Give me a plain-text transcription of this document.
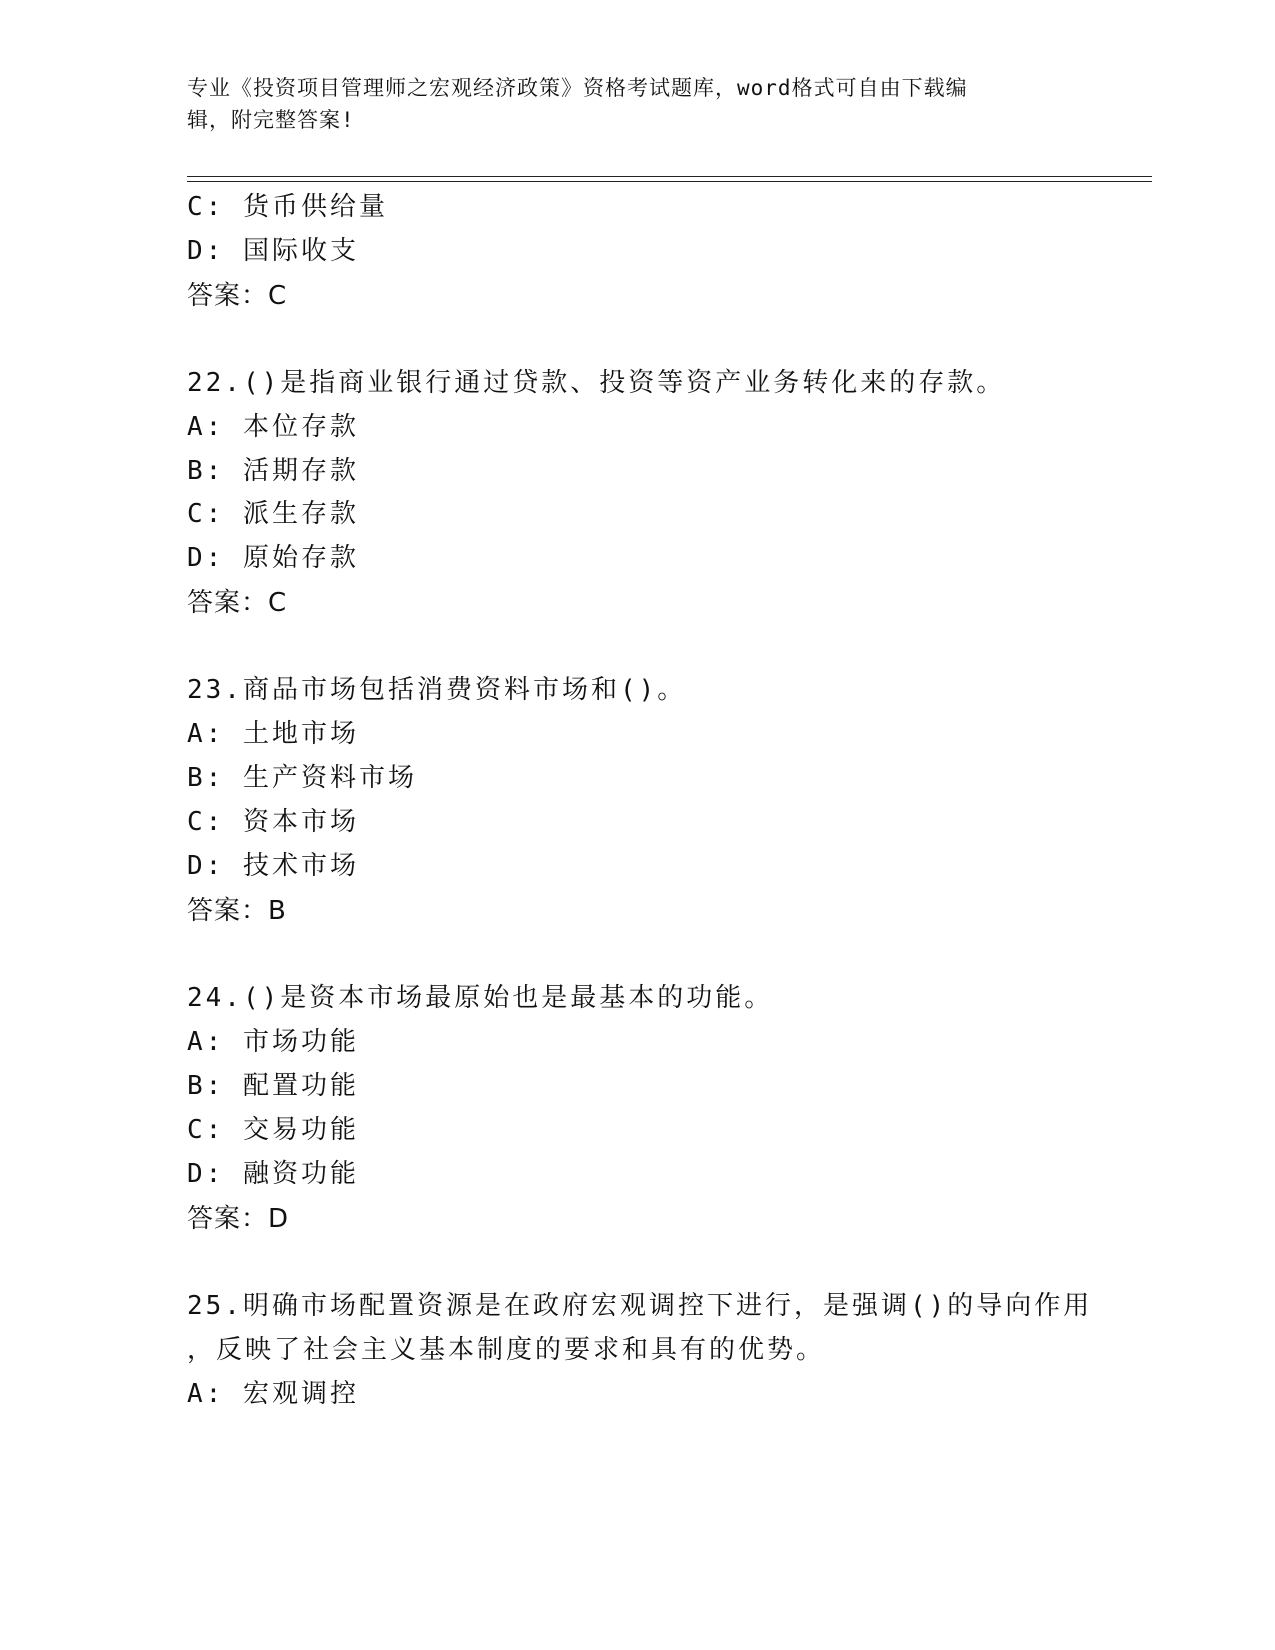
专业《投资项目管理师之宏观经济政策》资格考试题库，word格式可自由下载编
辑，附完整答案!
C: 货币供给量
D: 国际收支
答案：C
22.()是指商业银行通过贷款、投资等资产业务转化来的存款。
A: 本位存款
B: 活期存款
C: 派生存款
D: 原始存款
答案：C
23.商品市场包括消费资料市场和()。
A: 土地市场
B: 生产资料市场
C: 资本市场
D: 技术市场
答案：B
24.()是资本市场最原始也是最基本的功能。
A: 市场功能
B: 配置功能
C: 交易功能
D: 融资功能
答案：D
25.明确市场配置资源是在政府宏观调控下进行，是强调()的导向作用
，反映了社会主义基本制度的要求和具有的优势。
A: 宏观调控
